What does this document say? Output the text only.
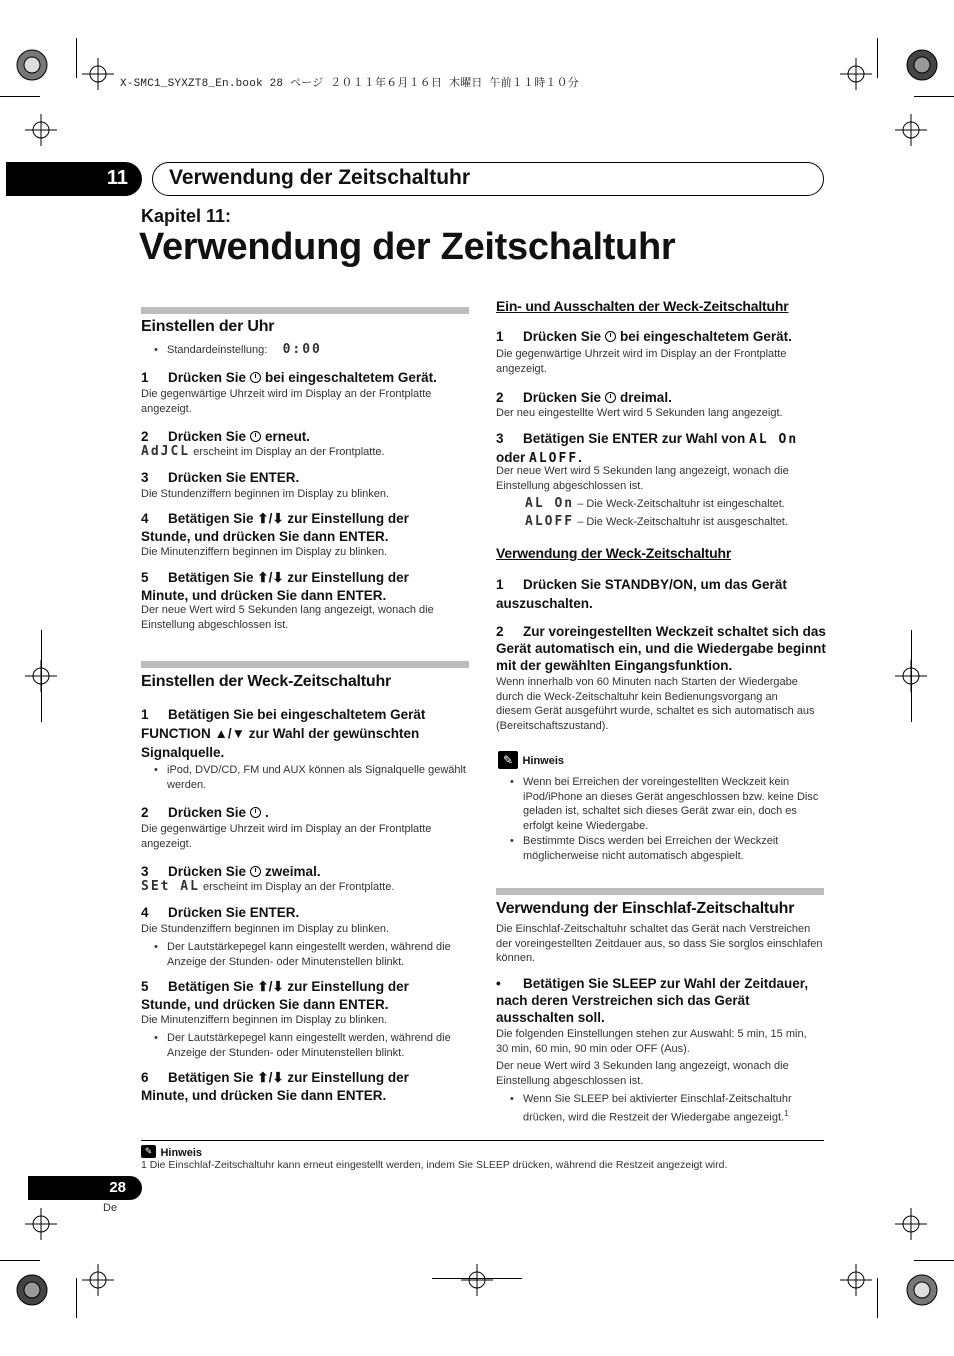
X-SMC1_SYXZT8_En.book 28 ページ ２０１１年６月１６日 木曜日 午前１１時１０分
11	Verwendung der Zeitschaltuhr
Kapitel 11:
Verwendung der Zeitschaltuhr
Einstellen der Uhr
• Standardeinstellung: 0:00
1 Drücken Sie bei eingeschaltetem Gerät.
Die gegenwärtige Uhrzeit wird im Display an der Frontplatte angezeigt.
2 Drücken Sie erneut.
AdJCL erscheint im Display an der Frontplatte.
3 Drücken Sie ENTER.
Die Stundenziffern beginnen im Display zu blinken.
4 Betätigen Sie ⬆/⬇ zur Einstellung der Stunde, und drücken Sie dann ENTER.
Die Minutenziffern beginnen im Display zu blinken.
5 Betätigen Sie ⬆/⬇ zur Einstellung der Minute, und drücken Sie dann ENTER.
Der neue Wert wird 5 Sekunden lang angezeigt, wonach die Einstellung abgeschlossen ist.
Einstellen der Weck-Zeitschaltuhr
1 Betätigen Sie bei eingeschaltetem Gerät FUNCTION ▲/▼ zur Wahl der gewünschten Signalquelle.
• iPod, DVD/CD, FM und AUX können als Signalquelle gewählt werden.
2 Drücken Sie .
Die gegenwärtige Uhrzeit wird im Display an der Frontplatte angezeigt.
3 Drücken Sie zweimal.
SEt AL erscheint im Display an der Frontplatte.
4 Drücken Sie ENTER.
Die Stundenziffern beginnen im Display zu blinken.
• Der Lautstärkepegel kann eingestellt werden, während die Anzeige der Stunden- oder Minutenstellen blinkt.
5 Betätigen Sie ⬆/⬇ zur Einstellung der Stunde, und drücken Sie dann ENTER.
Die Minutenziffern beginnen im Display zu blinken.
• Der Lautstärkepegel kann eingestellt werden, während die Anzeige der Stunden- oder Minutenstellen blinkt.
6 Betätigen Sie ⬆/⬇ zur Einstellung der Minute, und drücken Sie dann ENTER.
Ein- und Ausschalten der Weck-Zeitschaltuhr
1 Drücken Sie bei eingeschaltetem Gerät.
Die gegenwärtige Uhrzeit wird im Display an der Frontplatte angezeigt.
2 Drücken Sie dreimal.
Der neu eingestellte Wert wird 5 Sekunden lang angezeigt.
3 Betätigen Sie ENTER zur Wahl von AL On
oder ALOFF.
Der neue Wert wird 5 Sekunden lang angezeigt, wonach die Einstellung abgeschlossen ist.
AL On – Die Weck-Zeitschaltuhr ist eingeschaltet.
ALOFF – Die Weck-Zeitschaltuhr ist ausgeschaltet.
Verwendung der Weck-Zeitschaltuhr
1 Drücken Sie STANDBY/ON, um das Gerät auszuschalten.
2 Zur voreingestellten Weckzeit schaltet sich das Gerät automatisch ein, und die Wiedergabe beginnt mit der gewählten Eingangsfunktion.
Wenn innerhalb von 60 Minuten nach Starten der Wiedergabe durch die Weck-Zeitschaltuhr kein Bedienungsvorgang an diesem Gerät ausgeführt wurde, schaltet es sich automatisch aus (Bereitschaftszustand).
✎ Hinweis
• Wenn bei Erreichen der voreingestellten Weckzeit kein iPod/iPhone an dieses Gerät angeschlossen bzw. keine Disc geladen ist, schaltet sich dieses Gerät zwar ein, doch es erfolgt keine Wiedergabe.
• Bestimmte Discs werden bei Erreichen der Weckzeit möglicherweise nicht automatisch abgespielt.
Verwendung der Einschlaf-Zeitschaltuhr
Die Einschlaf-Zeitschaltuhr schaltet das Gerät nach Verstreichen der voreingestellten Zeitdauer aus, so dass Sie sorglos einschlafen können.
• Betätigen Sie SLEEP zur Wahl der Zeitdauer, nach deren Verstreichen sich das Gerät ausschalten soll.
Die folgenden Einstellungen stehen zur Auswahl: 5 min, 15 min, 30 min, 60 min, 90 min oder OFF (Aus).
Der neue Wert wird 3 Sekunden lang angezeigt, wonach die Einstellung abgeschlossen ist.
• Wenn Sie SLEEP bei aktivierter Einschlaf-Zeitschaltuhr drücken, wird die Restzeit der Wiedergabe angezeigt.$^1$
✎ Hinweis
1 Die Einschlaf-Zeitschaltuhr kann erneut eingestellt werden, indem Sie SLEEP drücken, während die Restzeit angezeigt wird.
28
De
